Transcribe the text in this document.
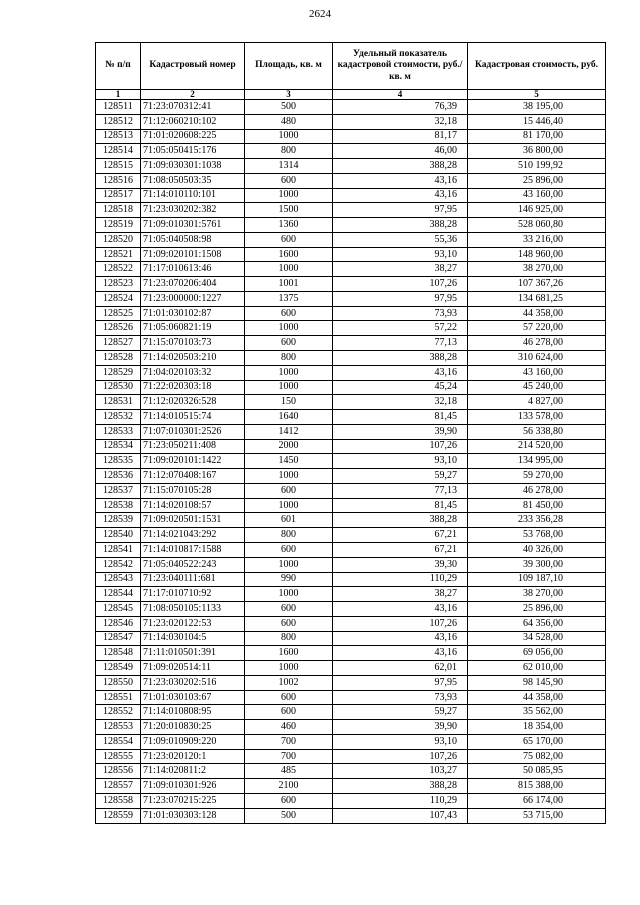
2624
№ п/п	Кадастровый номер	Площадь, кв. м	Удельный показатель кадастровой стоимости, руб./кв. м	Кадастровая стоимость, руб.
1	2	3	4	5
128511	71:23:070312:41	500	76,39	38 195,00
128512	71:12:060210:102	480	32,18	15 446,40
128513	71:01:020608:225	1000	81,17	81 170,00
128514	71:05:050415:176	800	46,00	36 800,00
128515	71:09:030301:1038	1314	388,28	510 199,92
128516	71:08:050503:35	600	43,16	25 896,00
128517	71:14:010110:101	1000	43,16	43 160,00
128518	71:23:030202:382	1500	97,95	146 925,00
128519	71:09:010301:5761	1360	388,28	528 060,80
128520	71:05:040508:98	600	55,36	33 216,00
128521	71:09:020101:1508	1600	93,10	148 960,00
128522	71:17:010613:46	1000	38,27	38 270,00
128523	71:23:070206:404	1001	107,26	107 367,26
128524	71:23:000000:1227	1375	97,95	134 681,25
128525	71:01:030102:87	600	73,93	44 358,00
128526	71:05:060821:19	1000	57,22	57 220,00
128527	71:15:070103:73	600	77,13	46 278,00
128528	71:14:020503:210	800	388,28	310 624,00
128529	71:04:020103:32	1000	43,16	43 160,00
128530	71:22:020303:18	1000	45,24	45 240,00
128531	71:12:020326:528	150	32,18	4 827,00
128532	71:14:010515:74	1640	81,45	133 578,00
128533	71:07:010301:2526	1412	39,90	56 338,80
128534	71:23:050211:408	2000	107,26	214 520,00
128535	71:09:020101:1422	1450	93,10	134 995,00
128536	71:12:070408:167	1000	59,27	59 270,00
128537	71:15:070105:28	600	77,13	46 278,00
128538	71:14:020108:57	1000	81,45	81 450,00
128539	71:09:020501:1531	601	388,28	233 356,28
128540	71:14:021043:292	800	67,21	53 768,00
128541	71:14:010817:1588	600	67,21	40 326,00
128542	71:05:040522:243	1000	39,30	39 300,00
128543	71:23:040111:681	990	110,29	109 187,10
128544	71:17:010710:92	1000	38,27	38 270,00
128545	71:08:050105:1133	600	43,16	25 896,00
128546	71:23:020122:53	600	107,26	64 356,00
128547	71:14:030104:5	800	43,16	34 528,00
128548	71:11:010501:391	1600	43,16	69 056,00
128549	71:09:020514:11	1000	62,01	62 010,00
128550	71:23:030202:516	1002	97,95	98 145,90
128551	71:01:030103:67	600	73,93	44 358,00
128552	71:14:010808:95	600	59,27	35 562,00
128553	71:20:010830:25	460	39,90	18 354,00
128554	71:09:010909:220	700	93,10	65 170,00
128555	71:23:020120:1	700	107,26	75 082,00
128556	71:14:020811:2	485	103,27	50 085,95
128557	71:09:010301:926	2100	388,28	815 388,00
128558	71:23:070215:225	600	110,29	66 174,00
128559	71:01:030303:128	500	107,43	53 715,00
